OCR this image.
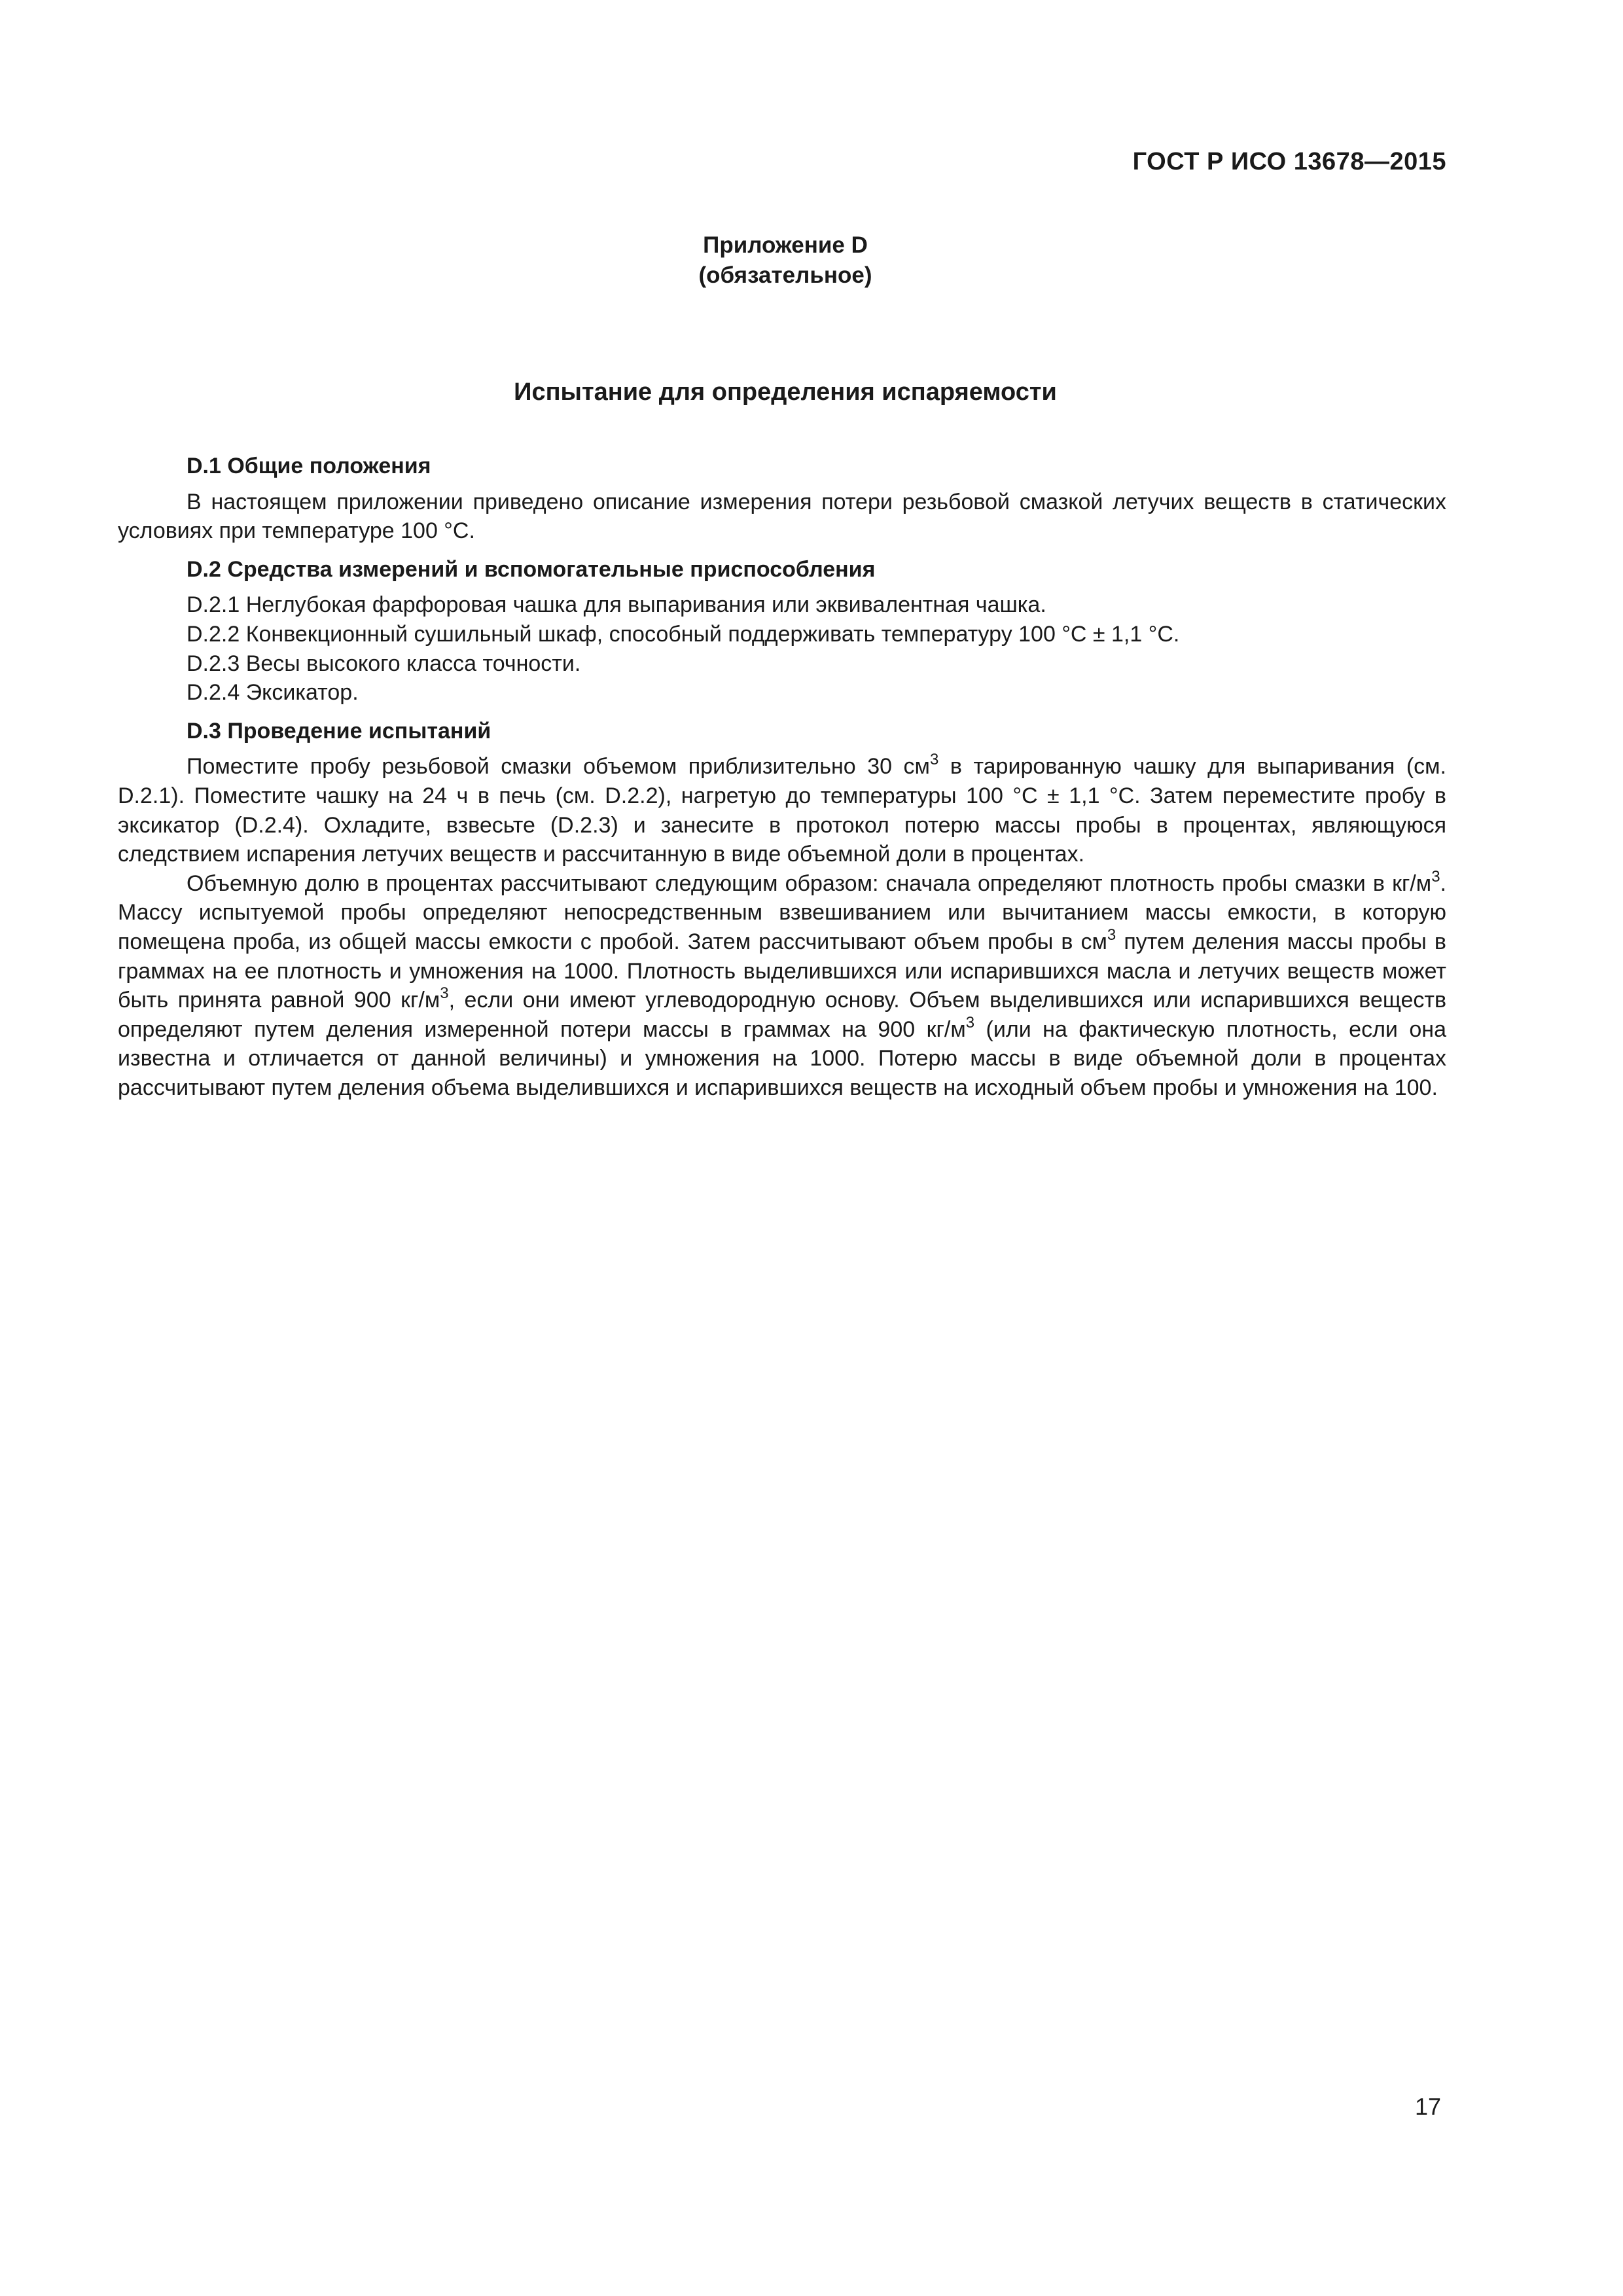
ГОСТ Р ИСО 13678—2015
Приложение D
(обязательное)
Испытание для определения испаряемости

D.1 Общие положения

В настоящем приложении приведено описание измерения потери резьбовой смазкой летучих веществ в статических условиях при температуре 100 °С.

D.2 Средства измерений и вспомогательные приспособления

D.2.1 Неглубокая фарфоровая чашка для выпаривания или эквивалентная чашка.

D.2.2 Конвекционный сушильный шкаф, способный поддерживать температуру 100 °С ± 1,1 °С.

D.2.3 Весы высокого класса точности.

D.2.4 Эксикатор.

D.3 Проведение испытаний

Поместите пробу резьбовой смазки объемом приблизительно 30 $см^3$ в тарированную чашку для выпаривания (см. D.2.1). Поместите чашку на 24 ч в печь (см. D.2.2), нагретую до температуры 100 °С ± 1,1 °С. Затем переместите пробу в эксикатор (D.2.4). Охладите, взвесьте (D.2.3) и занесите в протокол потерю массы пробы в процентах, являющуюся следствием испарения летучих веществ и рассчитанную в виде объемной доли в процентах.

Объемную долю в процентах рассчитывают следующим образом: сначала определяют плотность пробы смазки в $кг/м^3$. Массу испытуемой пробы определяют непосредственным взвешиванием или вычитанием массы емкости, в которую помещена проба, из общей массы емкости с пробой. Затем рассчитывают объем пробы в $см^3$ путем деления массы пробы в граммах на ее плотность и умножения на 1000. Плотность выделившихся или испарившихся масла и летучих веществ может быть принята равной 900 $кг/м^3$, если они имеют углеводородную основу. Объем выделившихся или испарившихся веществ определяют путем деления измеренной потери массы в граммах на 900 $кг/м^3$ (или на фактическую плотность, если она известна и отличается от данной величины) и умножения на 1000. Потерю массы в виде объемной доли в процентах рассчитывают путем деления объема выделившихся и испарившихся веществ на исходный объем пробы и умножения на 100.

17
